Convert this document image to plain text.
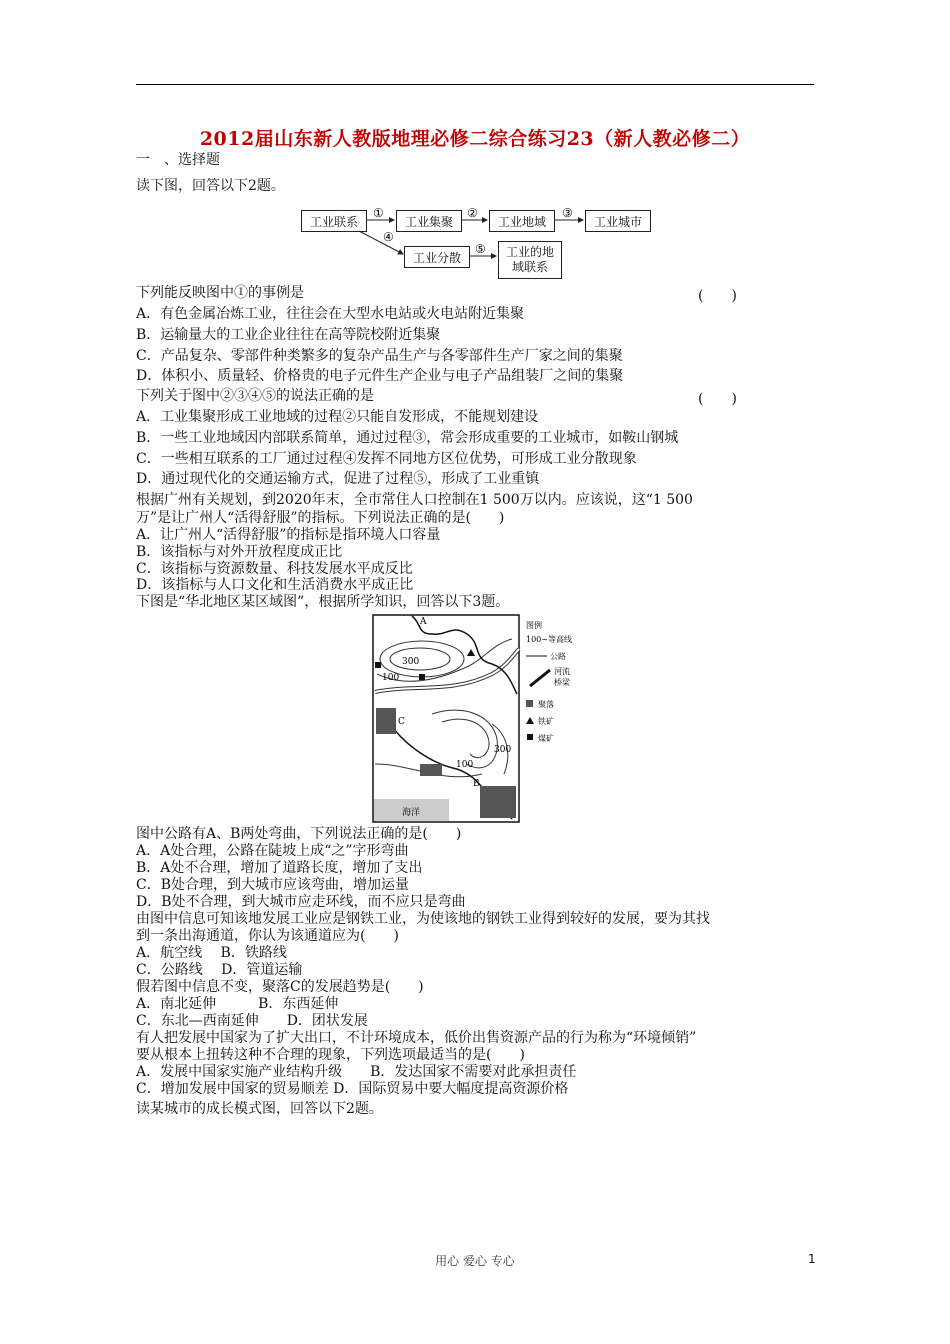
2012届山东新人教版地理必修二综合练习23（新人教必修二）
一　、选择题
读下图，回答以下2题。
工业联系	工业集聚	工业地域	工业城市
工业分散	工业的地
域联系
①	②	③
④
⑤
下列能反映图中①的事例是	(　　)
A．有色金属冶炼工业，往往会在大型水电站或火电站附近集聚
B．运输量大的工业企业往往在高等院校附近集聚
C．产品复杂、零部件种类繁多的复杂产品生产与各零部件生产厂家之间的集聚
D．体积小、质量轻、价格贵的电子元件生产企业与电子产品组装厂之间的集聚
下列关于图中②③④⑤的说法正确的是	(　　)
A．工业集聚形成工业地域的过程②只能自发形成，不能规划建设
B．一些工业地域因内部联系简单，通过过程③，常会形成重要的工业城市，如鞍山钢城
C．一些相互联系的工厂通过过程④发挥不同地方区位优势，可形成工业分散现象
D．通过现代化的交通运输方式，促进了过程⑤，形成了工业重镇
根据广州有关规划，到2020年末，全市常住人口控制在1 500万以内。应该说，这“1 500
万”是让广州人“活得舒服”的指标。下列说法正确的是(　　)
A．让广州人“活得舒服”的指标是指环境人口容量
B．该指标与对外开放程度成正比
C．该指标与资源数量、科技发展水平成反比
D．该指标与人口文化和生活消费水平成正比
下图是“华北地区某区域图”，根据所学知识，回答以下3题。
A
B
C
300
100
300
100
海洋
图例
100~等高线
公路
河流
桥梁
聚落
铁矿
煤矿
图中公路有A、B两处弯曲，下列说法正确的是(　　)
A．A处合理，公路在陡坡上成“之”字形弯曲
B．A处不合理，增加了道路长度，增加了支出
C．B处合理，到大城市应该弯曲，增加运量
D．B处不合理，到大城市应走环线，而不应只是弯曲
由图中信息可知该地发展工业应是钢铁工业，为使该地的钢铁工业得到较好的发展，要为其找
到一条出海通道，你认为该通道应为(　　)
A．航空线　 B．铁路线
C．公路线　 D．管道运输
假若图中信息不变，聚落C的发展趋势是(　　)
A．南北延伸　　　B．东西延伸
C．东北—西南延伸　　D．团状发展
有人把发展中国家为了扩大出口，不计环境成本，低价出售资源产品的行为称为“环境倾销”
要从根本上扭转这种不合理的现象，下列选项最适当的是(　　)
A．发展中国家实施产业结构升级　　B．发达国家不需要对此承担责任
C．增加发展中国家的贸易顺差 D．国际贸易中要大幅度提高资源价格
读某城市的成长模式图，回答以下2题。
用心 爱心 专心	1
